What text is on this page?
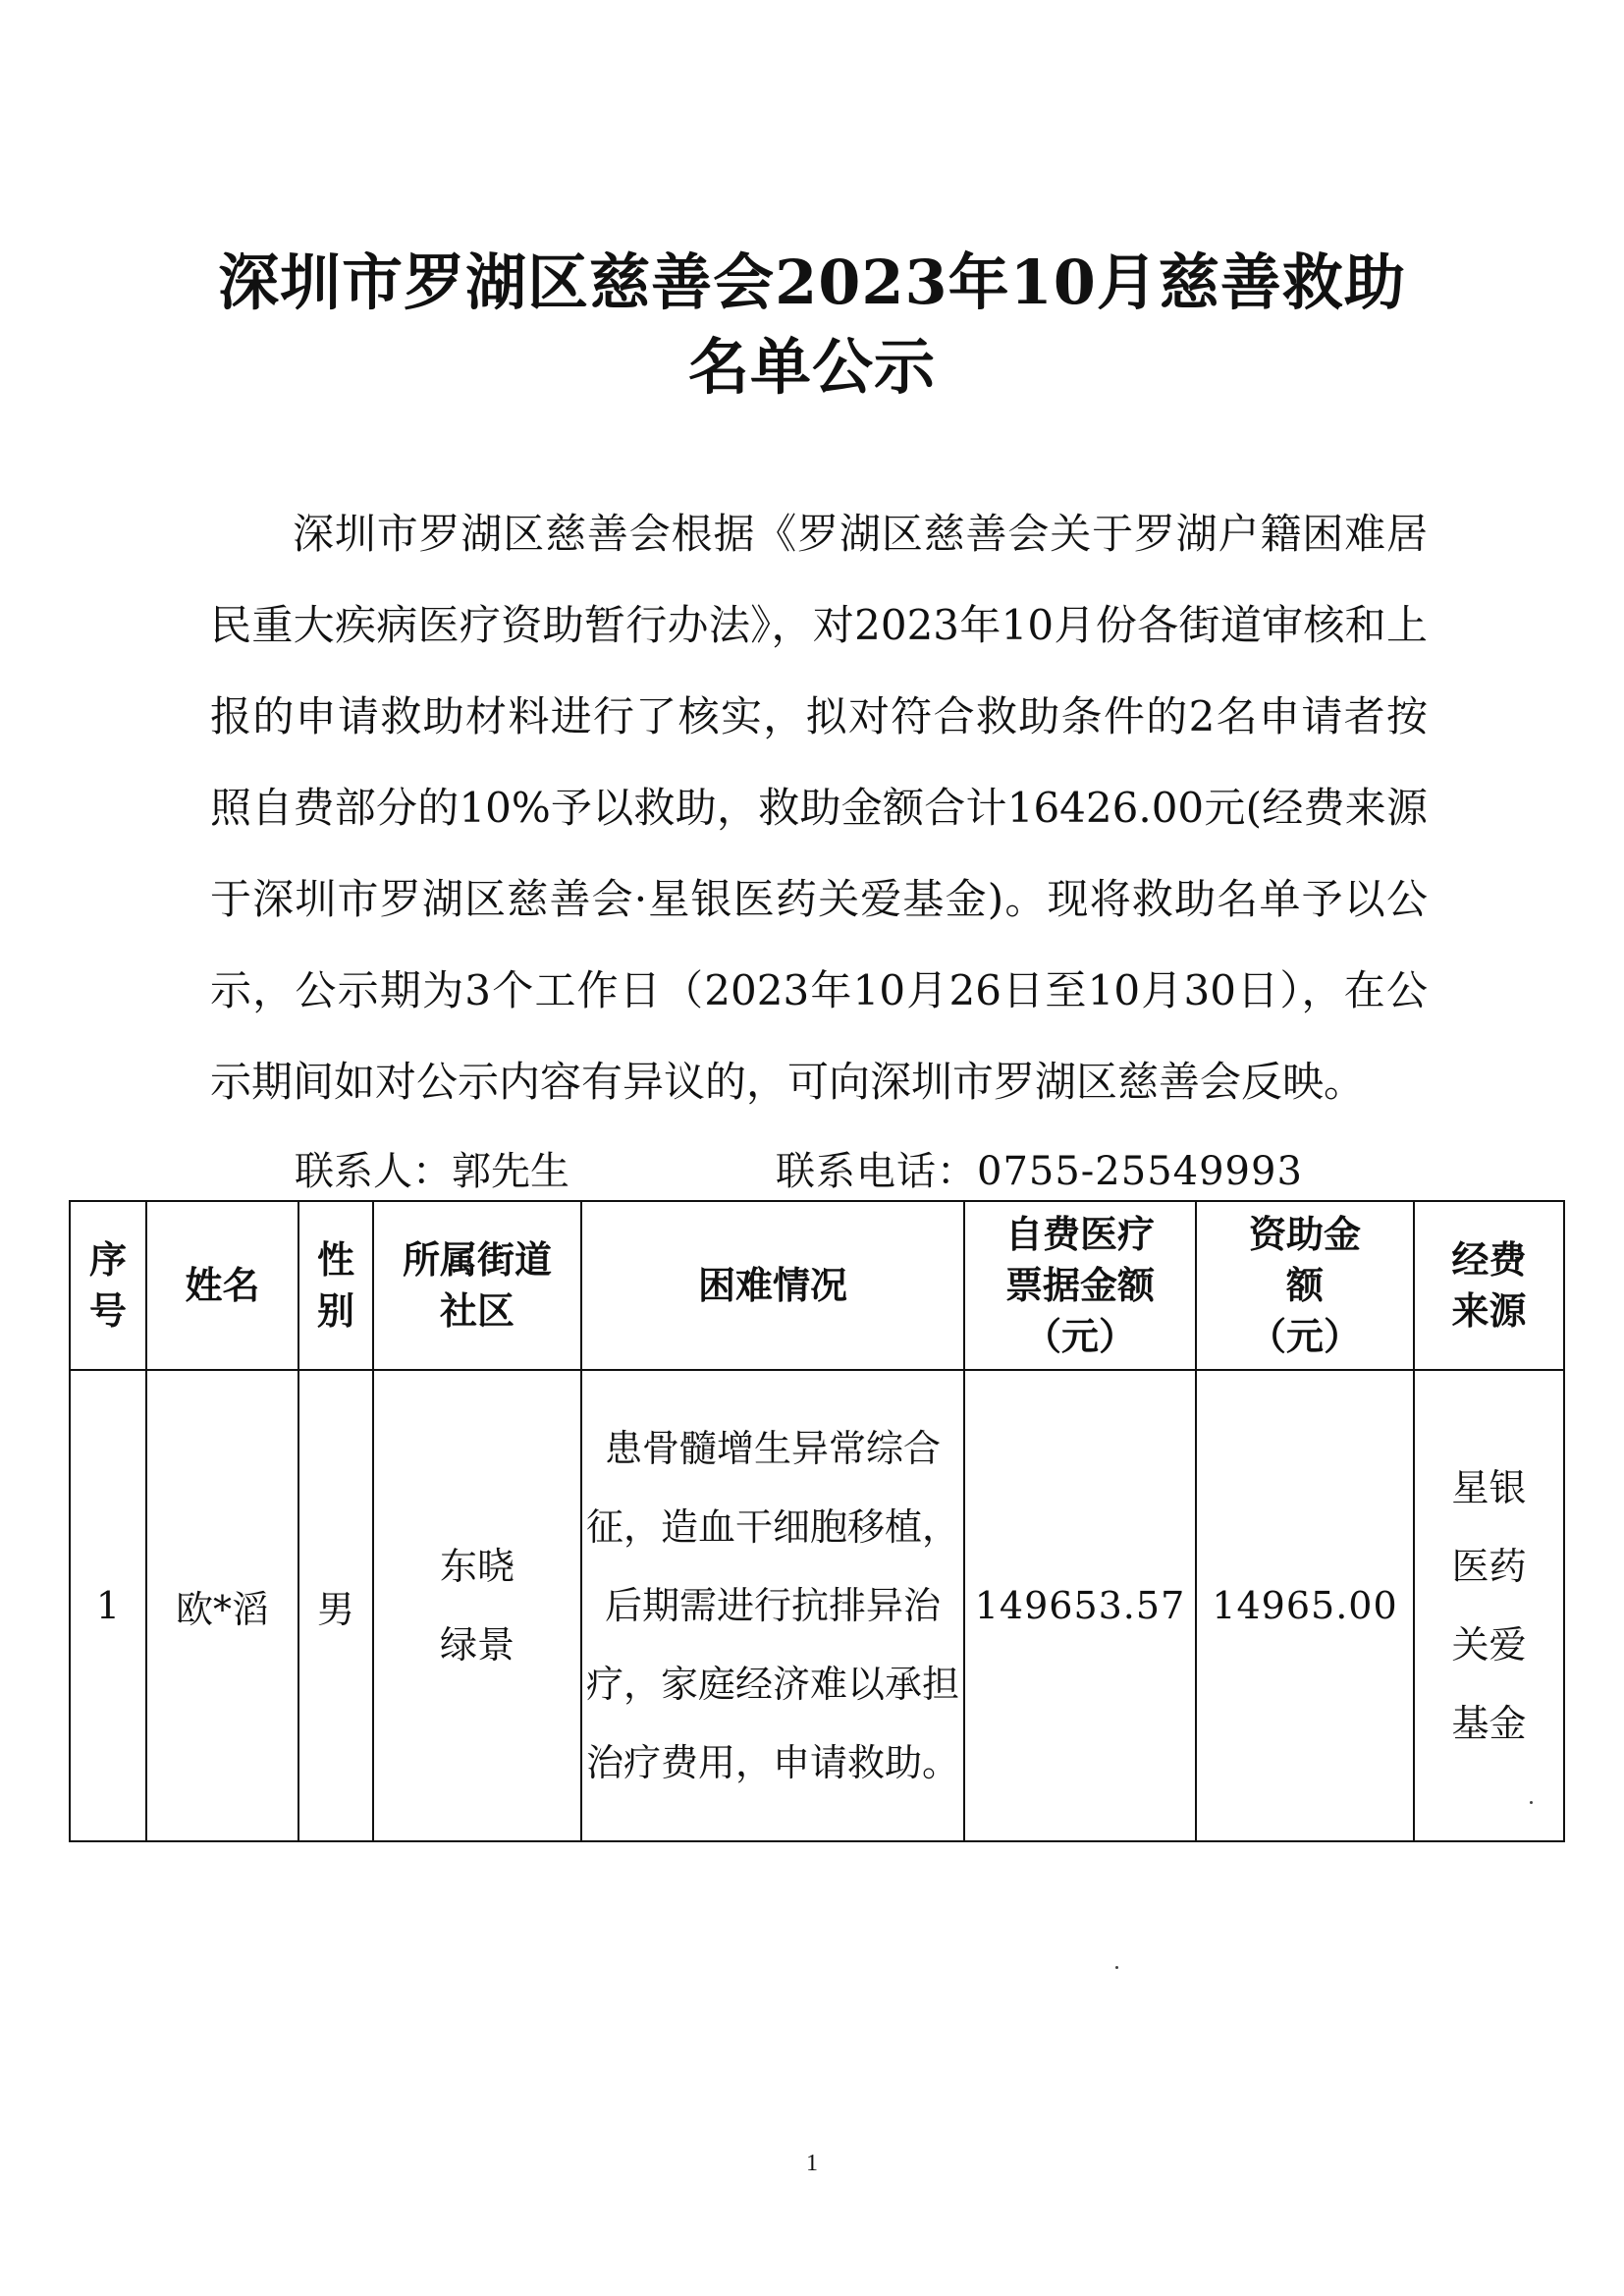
深圳市罗湖区慈善会2023年10月慈善救助
名单公示

深圳市罗湖区慈善会根据《罗湖区慈善会关于罗湖户籍困难居民重大疾病医疗资助暂行办法》，对2023年10月份各街道审核和上报的申请救助材料进行了核实，拟对符合救助条件的2名申请者按照自费部分的10%予以救助，救助金额合计16426.00元(经费来源于深圳市罗湖区慈善会·星银医药关爱基金)。现将救助名单予以公示，公示期为3个工作日（2023年10月26日至10月30日），在公示期间如对公示内容有异议的，可向深圳市罗湖区慈善会反映。

联系人：郭先生	联系电话：0755-25549993
序号	姓名	性别	所属街道社区	困难情况	自费医疗票据金额（元）	资助金额（元）	经费来源

1	欧*滔	男	东晓绿景	患骨髓增生异常综合征，造血干细胞移植，后期需进行抗排异治疗，家庭经济难以承担治疗费用，申请救助。	149653.57	14965.00	星银医药关爱基金
1
